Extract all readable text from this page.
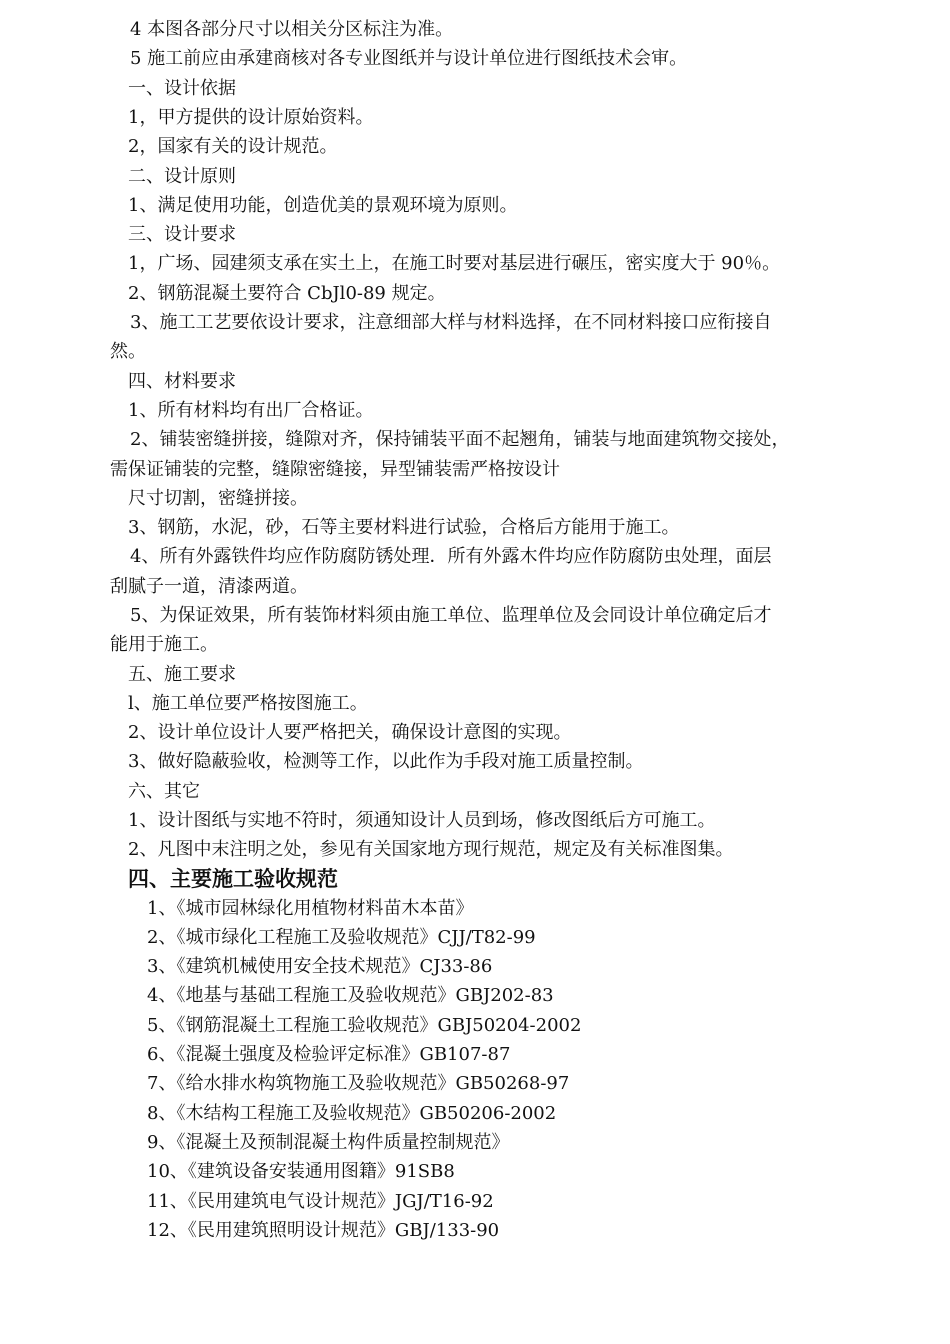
4 本图各部分尺寸以相关分区标注为准。
5 施工前应由承建商核对各专业图纸并与设计单位进行图纸技术会审。
一、设计依据
1，甲方提供的设计原始资料。
2，国家有关的设计规范。
二、设计原则
1、满足使用功能，创造优美的景观环境为原则。
三、设计要求
1，广场、园建须支承在实土上，在施工时要对基层进行碾压，密实度大于 90％。
2、钢筋混凝土要符合 CbJl0-89 规定。
3、施工工艺要依设计要求，注意细部大样与材料选择，在不同材料接口应衔接自
然。
四、材料要求
1、所有材料均有出厂合格证。
2、铺装密缝拼接，缝隙对齐，保持铺装平面不起翘角，铺装与地面建筑物交接处，
需保证铺装的完整，缝隙密缝接，异型铺装需严格按设计
尺寸切割，密缝拼接。
3、钢筋，水泥，砂，石等主要材料进行试验，合格后方能用于施工。
4、所有外露铁件均应作防腐防锈处理．所有外露木件均应作防腐防虫处理，面层
刮腻子一道，清漆两道。
5、为保证效果，所有装饰材料须由施工单位、监理单位及会同设计单位确定后才
能用于施工。
五、施工要求
l、施工单位要严格按图施工。
2、设计单位设计人要严格把关，确保设计意图的实现。
3、做好隐蔽验收，检测等工作，以此作为手段对施工质量控制。
六、其它
1、设计图纸与实地不符时，须通知设计人员到场，修改图纸后方可施工。
2、凡图中末注明之处，参见有关国家地方现行规范，规定及有关标准图集。
四、主要施工验收规范
1、《城市园林绿化用植物材料苗木本苗》
2、《城市绿化工程施工及验收规范》CJJ/T82-99
3、《建筑机械使用安全技术规范》CJ33-86
4、《地基与基础工程施工及验收规范》GBJ202-83
5、《钢筋混凝土工程施工验收规范》GBJ50204-2002
6、《混凝土强度及检验评定标准》GB107-87
7、《给水排水构筑物施工及验收规范》GB50268-97
8、《木结构工程施工及验收规范》GB50206-2002
9、《混凝土及预制混凝土构件质量控制规范》
10、《建筑设备安装通用图籍》91SB8
11、《民用建筑电气设计规范》JGJ/T16-92
12、《民用建筑照明设计规范》GBJ/133-90
